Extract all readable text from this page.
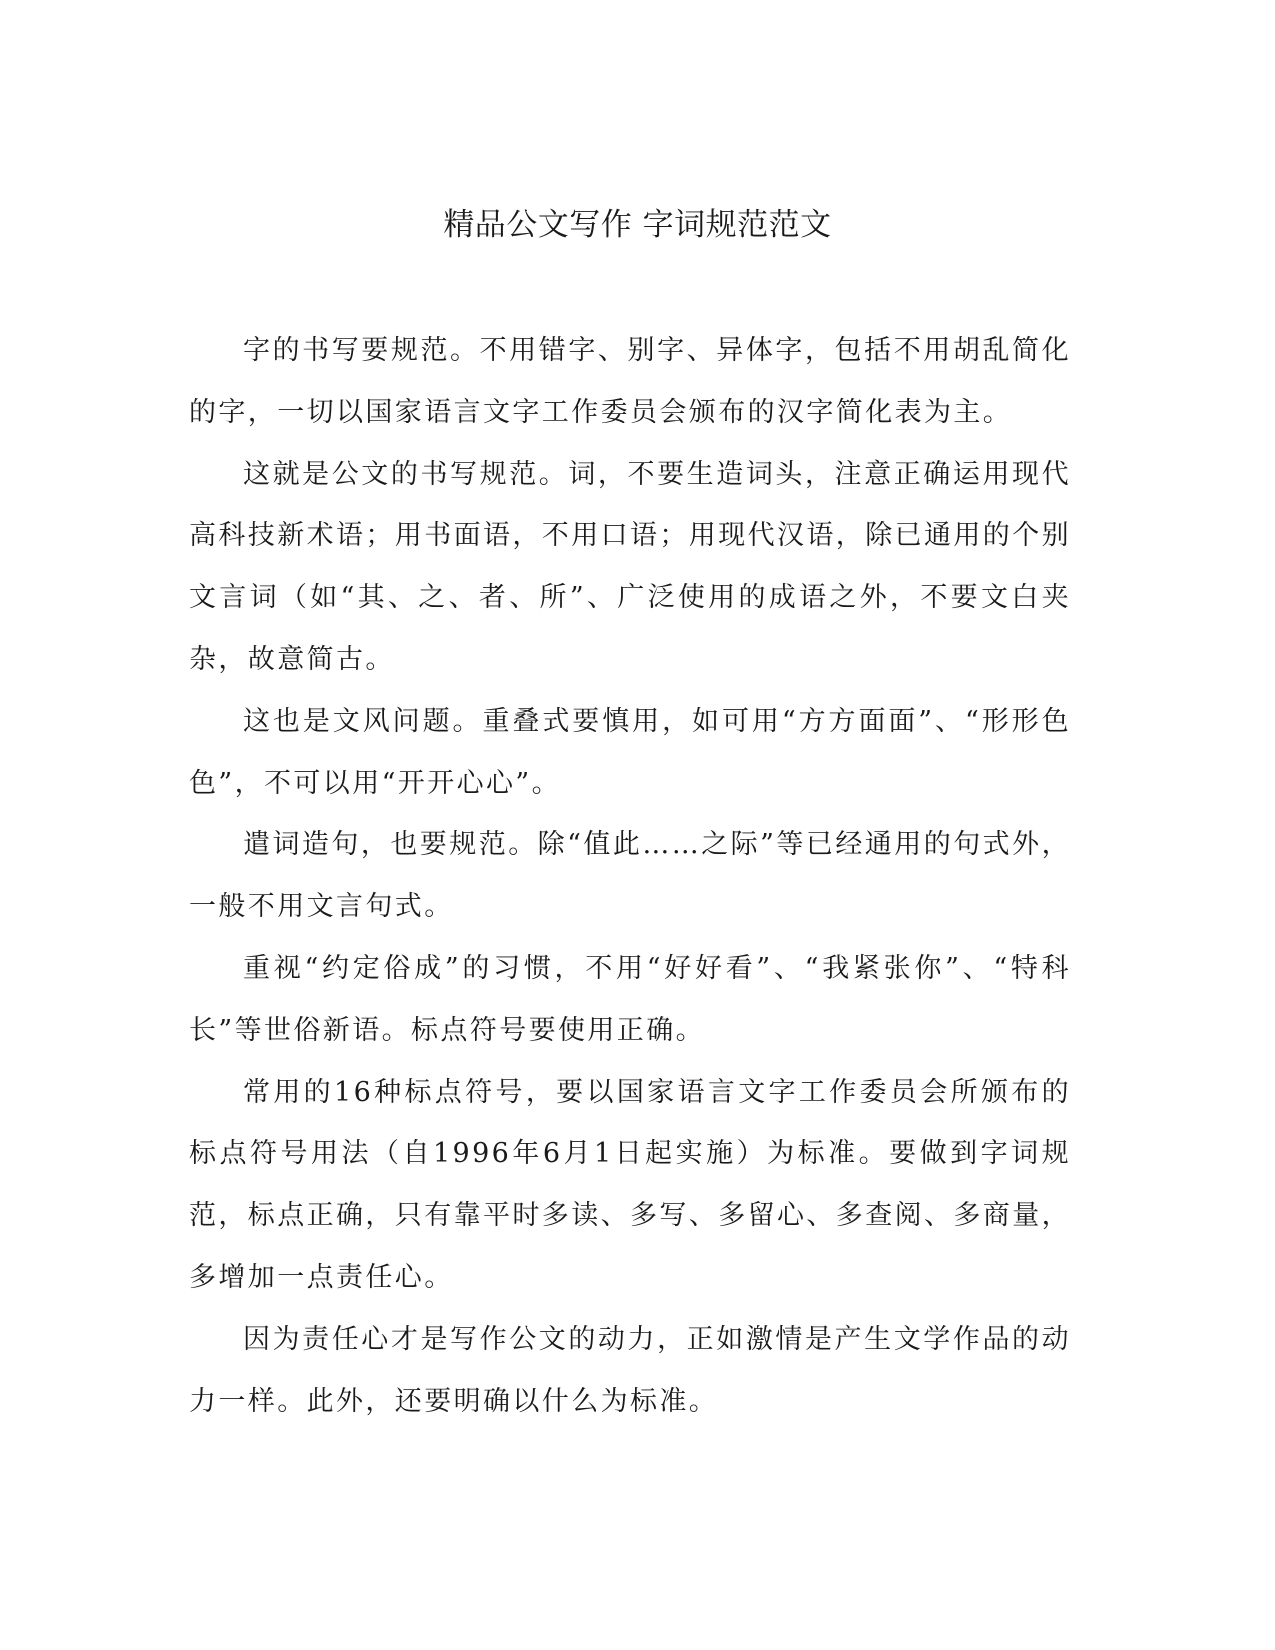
精品公文写作 字词规范范文

字的书写要规范。不用错字、别字、异体字，包括不用胡乱简化的字，一切以国家语言文字工作委员会颁布的汉字简化表为主。

这就是公文的书写规范。词，不要生造词头，注意正确运用现代高科技新术语；用书面语，不用口语；用现代汉语，除已通用的个别文言词（如“其、之、者、所”、广泛使用的成语之外，不要文白夹杂，故意简古。

这也是文风问题。重叠式要慎用，如可用“方方面面”、“形形色色”，不可以用“开开心心”。

遣词造句，也要规范。除“值此……之际”等已经通用的句式外，一般不用文言句式。

重视“约定俗成”的习惯，不用“好好看”、“我紧张你”、“特科长”等世俗新语。标点符号要使用正确。

常用的16种标点符号，要以国家语言文字工作委员会所颁布的标点符号用法（自1996年6月1日起实施）为标准。要做到字词规范，标点正确，只有靠平时多读、多写、多留心、多查阅、多商量，多增加一点责任心。

因为责任心才是写作公文的动力，正如激情是产生文学作品的动力一样。此外，还要明确以什么为标准。
